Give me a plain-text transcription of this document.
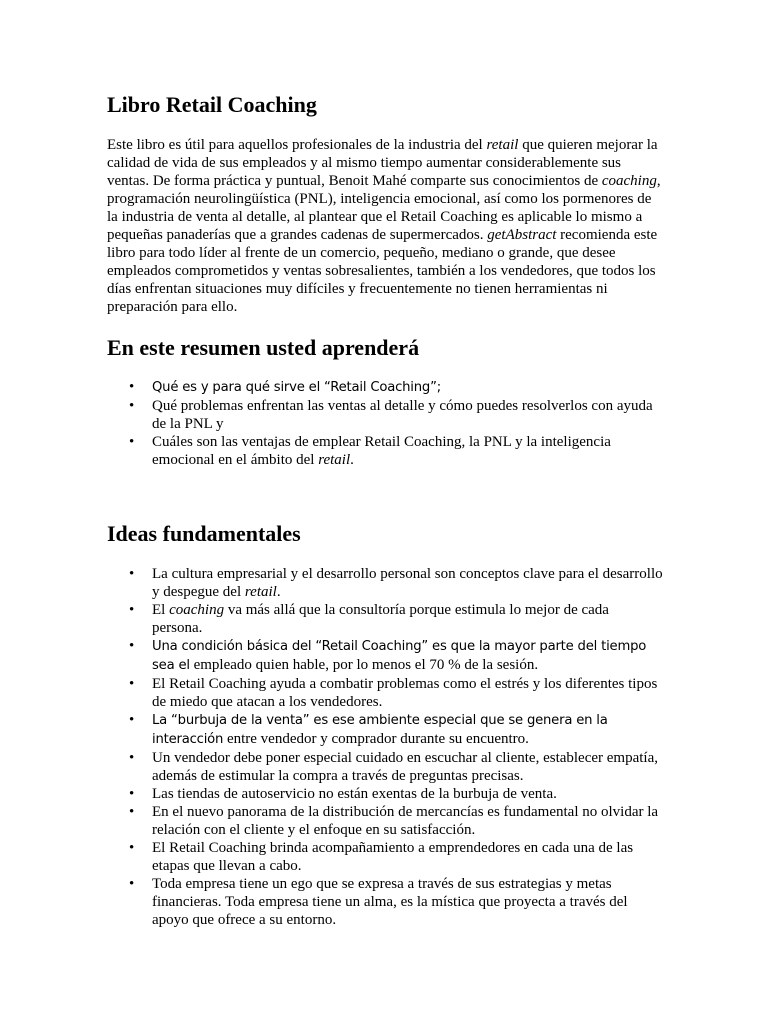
Libro Retail Coaching

Este libro es útil para aquellos profesionales de la industria del retail que quieren mejorar la calidad de vida de sus empleados y al mismo tiempo aumentar considerablemente sus ventas. De forma práctica y puntual, Benoit Mahé comparte sus conocimientos de coaching, programación neurolingüística (PNL), inteligencia emocional, así como los pormenores de la industria de venta al detalle, al plantear que el Retail Coaching es aplicable lo mismo a pequeñas panaderías que a grandes cadenas de supermercados. getAbstract recomienda este libro para todo líder al frente de un comercio, pequeño, mediano o grande, que desee empleados comprometidos y ventas sobresalientes, también a los vendedores, que todos los días enfrentan situaciones muy difíciles y frecuentemente no tienen herramientas ni preparación para ello.

En este resumen usted aprenderá
• Qué es y para qué sirve el “Retail Coaching”;
• Qué problemas enfrentan las ventas al detalle y cómo puedes resolverlos con ayuda de la PNL y
• Cuáles son las ventajas de emplear Retail Coaching, la PNL y la inteligencia emocional en el ámbito del retail.
Ideas fundamentales
• La cultura empresarial y el desarrollo personal son conceptos clave para el desarrollo y despegue del retail.
• El coaching va más allá que la consultoría porque estimula lo mejor de cada persona.
• Una condición básica del “Retail Coaching” es que la mayor parte del tiempo sea el empleado quien hable, por lo menos el 70 % de la sesión.
• El Retail Coaching ayuda a combatir problemas como el estrés y los diferentes tipos de miedo que atacan a los vendedores.
• La “burbuja de la venta” es ese ambiente especial que se genera en la interacción entre vendedor y comprador durante su encuentro.
• Un vendedor debe poner especial cuidado en escuchar al cliente, establecer empatía, además de estimular la compra a través de preguntas precisas.
• Las tiendas de autoservicio no están exentas de la burbuja de venta.
• En el nuevo panorama de la distribución de mercancías es fundamental no olvidar la relación con el cliente y el enfoque en su satisfacción.
• El Retail Coaching brinda acompañamiento a emprendedores en cada una de las etapas que llevan a cabo.
• Toda empresa tiene un ego que se expresa a través de sus estrategias y metas financieras. Toda empresa tiene un alma, es la mística que proyecta a través del apoyo que ofrece a su entorno.
